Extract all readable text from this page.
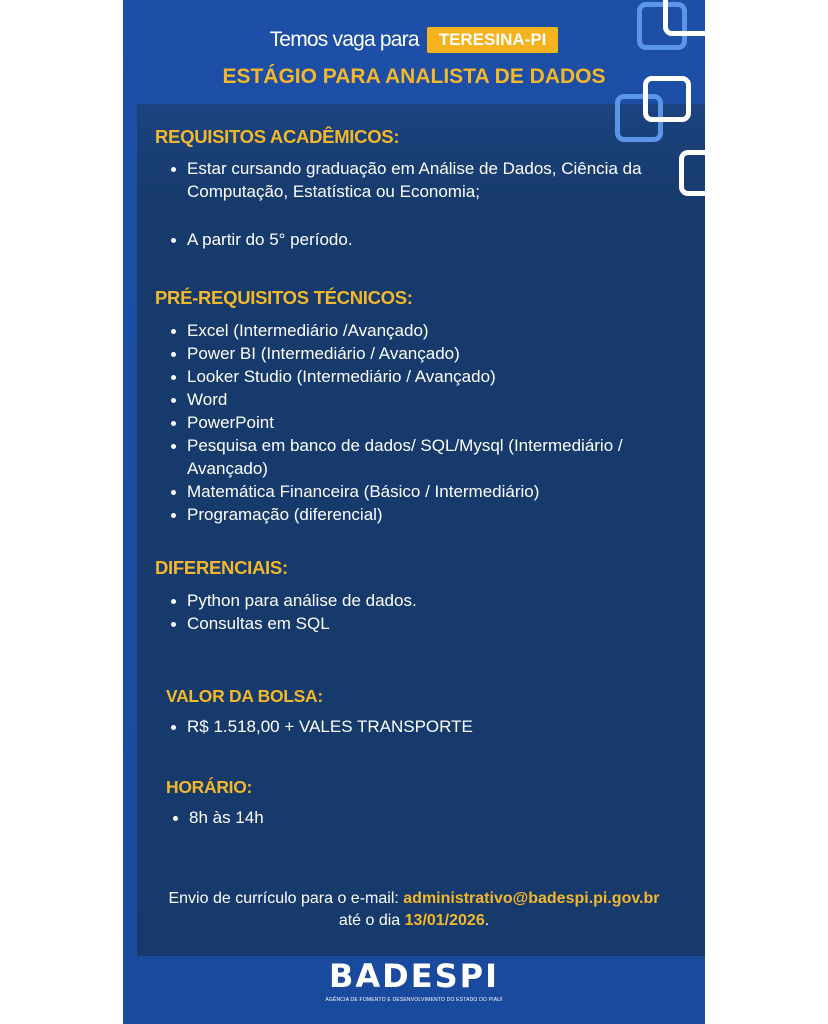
Temos vaga para TERESINA-PI
ESTÁGIO PARA ANALISTA DE DADOS
REQUISITOS ACADÊMICOS:
Estar cursando graduação em Análise de Dados, Ciência da Computação, Estatística ou Economia;
A partir do 5° período.
PRÉ-REQUISITOS TÉCNICOS:
Excel (Intermediário /Avançado)
Power BI (Intermediário / Avançado)
Looker Studio (Intermediário / Avançado)
Word
PowerPoint
Pesquisa em banco de dados/ SQL/Mysql (Intermediário / Avançado)
Matemática Financeira (Básico / Intermediário)
Programação (diferencial)
DIFERENCIAIS:
Python para análise de dados.
Consultas em SQL
VALOR DA BOLSA:
R$ 1.518,00 + VALES TRANSPORTE
HORÁRIO:
8h às 14h
Envio de currículo para o e-mail: administrativo@badespi.pi.gov.br
até o dia 13/01/2026.
BADESPI
AGÊNCIA DE FOMENTO E DESENVOLVIMENTO DO ESTADO DO PIAUÍ
